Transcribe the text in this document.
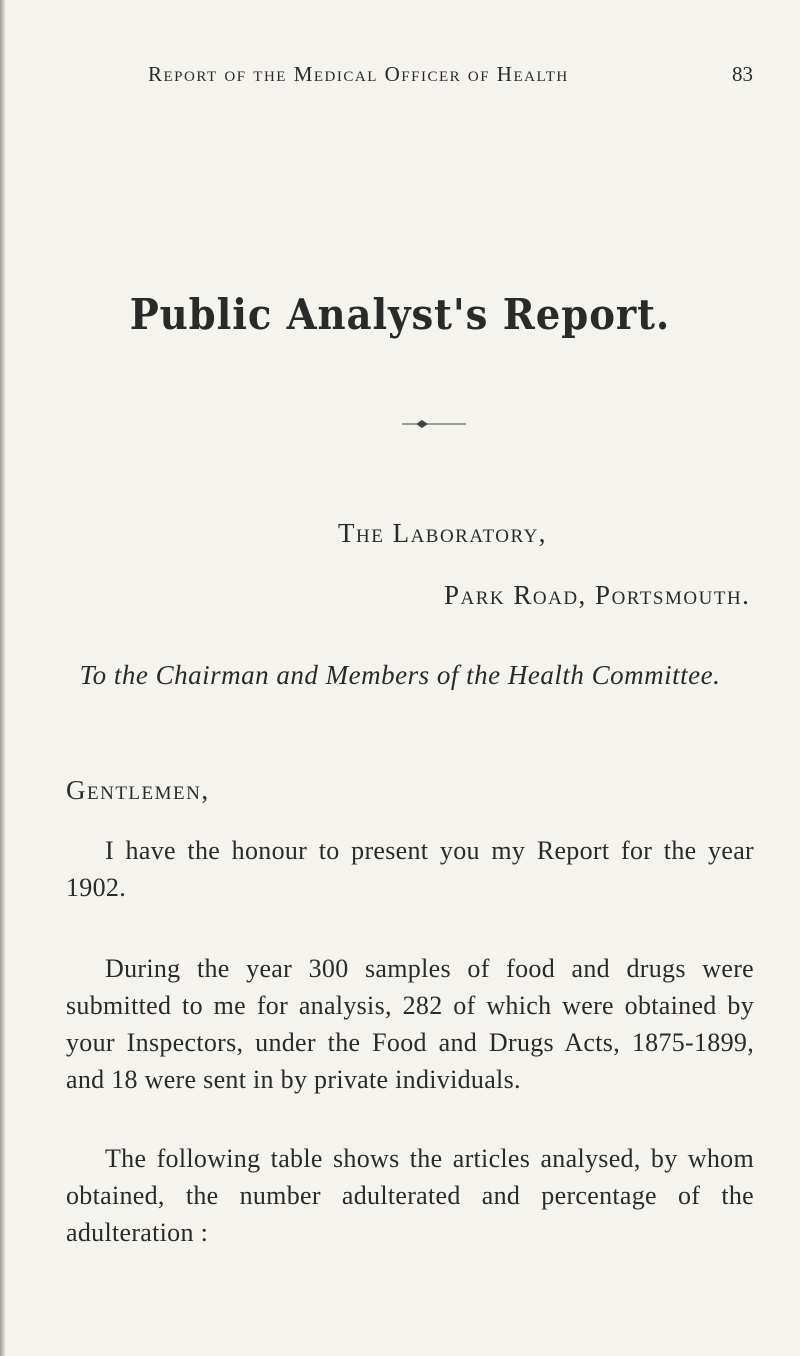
Report of the Medical Officer of Health	83
Public Analyst's Report.
The Laboratory,
Park Road, Portsmouth.
To the Chairman and Members of the Health Committee.
Gentlemen,

I have the honour to present you my Report for the year 1902.

During the year 300 samples of food and drugs were submitted to me for analysis, 282 of which were obtained by your Inspectors, under the Food and Drugs Acts, 1875-1899, and 18 were sent in by private individuals.

The following table shows the articles analysed, by whom obtained, the number adulterated and percentage of the adulteration :
